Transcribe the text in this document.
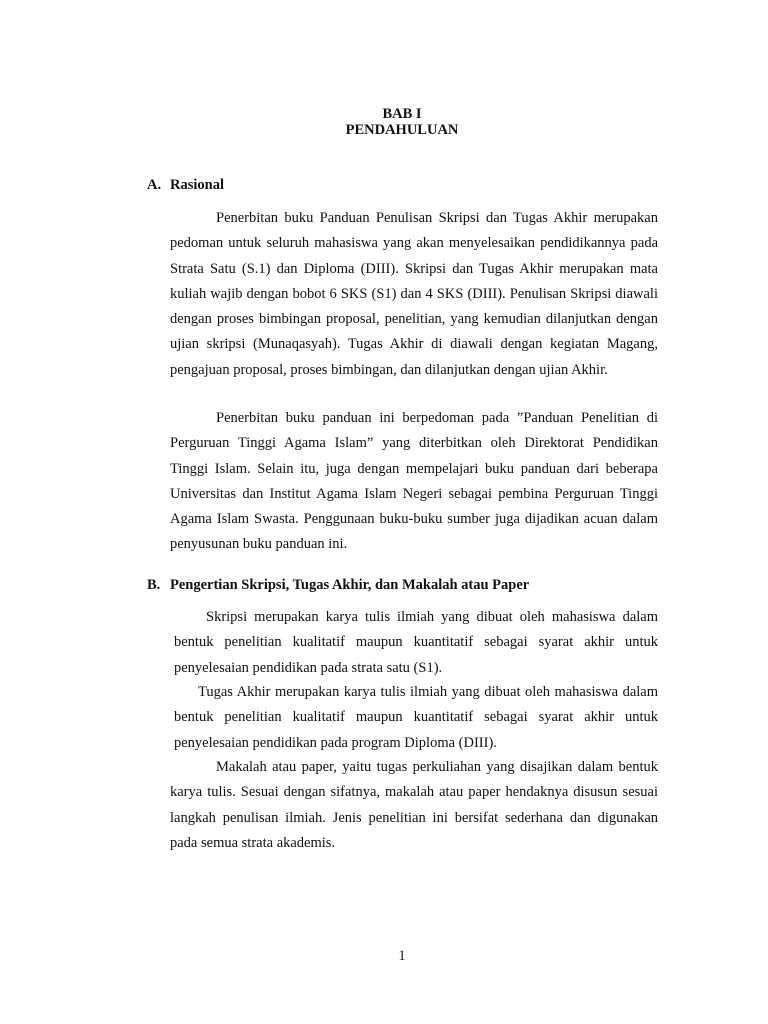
BAB I

PENDAHULUAN

A. Rasional

Penerbitan buku Panduan Penulisan Skripsi dan Tugas Akhir merupakan pedoman untuk seluruh mahasiswa yang akan menyelesaikan pendidikannya pada Strata Satu (S.1) dan Diploma (DIII). Skripsi dan Tugas Akhir merupakan mata kuliah wajib dengan bobot 6 SKS (S1) dan 4 SKS (DIII). Penulisan Skripsi diawali dengan proses bimbingan proposal, penelitian, yang kemudian dilanjutkan dengan ujian skripsi (Munaqasyah). Tugas Akhir di diawali dengan kegiatan Magang, pengajuan proposal, proses bimbingan, dan dilanjutkan dengan ujian Akhir.

Penerbitan buku panduan ini berpedoman pada ”Panduan Penelitian di Perguruan Tinggi Agama Islam” yang diterbitkan oleh Direktorat Pendidikan Tinggi Islam. Selain itu, juga dengan mempelajari buku panduan dari beberapa Universitas dan Institut Agama Islam Negeri sebagai pembina Perguruan Tinggi Agama Islam Swasta. Penggunaan buku-buku sumber juga dijadikan acuan dalam penyusunan buku panduan ini.

B. Pengertian Skripsi, Tugas Akhir, dan Makalah atau Paper

Skripsi merupakan karya tulis ilmiah yang dibuat oleh mahasiswa dalam bentuk penelitian kualitatif maupun kuantitatif sebagai syarat akhir untuk penyelesaian pendidikan pada strata satu (S1).

Tugas Akhir merupakan karya tulis ilmiah yang dibuat oleh mahasiswa dalam bentuk penelitian kualitatif maupun kuantitatif sebagai syarat akhir untuk penyelesaian pendidikan pada program Diploma (DIII).

Makalah atau paper, yaitu tugas perkuliahan yang disajikan dalam bentuk karya tulis. Sesuai dengan sifatnya, makalah atau paper hendaknya disusun sesuai langkah penulisan ilmiah. Jenis penelitian ini bersifat sederhana dan digunakan pada semua strata akademis.

1
